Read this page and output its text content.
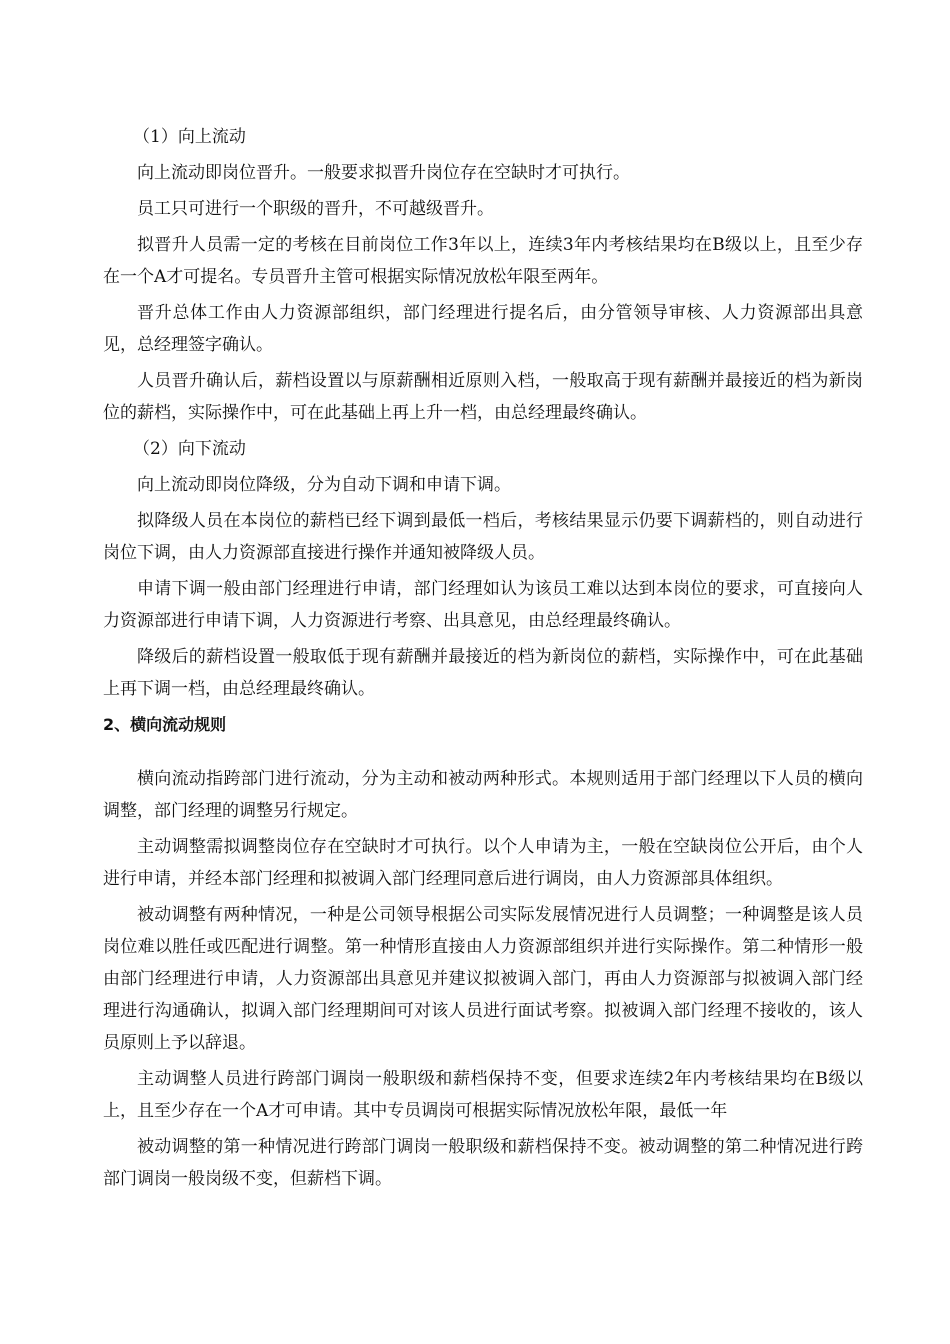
（1）向上流动

向上流动即岗位晋升。一般要求拟晋升岗位存在空缺时才可执行。

员工只可进行一个职级的晋升，不可越级晋升。

拟晋升人员需一定的考核在目前岗位工作3年以上，连续3年内考核结果均在B级以上，且至少存在一个A才可提名。专员晋升主管可根据实际情况放松年限至两年。

晋升总体工作由人力资源部组织，部门经理进行提名后，由分管领导审核、人力资源部出具意见，总经理签字确认。

人员晋升确认后，薪档设置以与原薪酬相近原则入档，一般取高于现有薪酬并最接近的档为新岗位的薪档，实际操作中，可在此基础上再上升一档，由总经理最终确认。

（2）向下流动

向上流动即岗位降级，分为自动下调和申请下调。

拟降级人员在本岗位的薪档已经下调到最低一档后，考核结果显示仍要下调薪档的，则自动进行岗位下调，由人力资源部直接进行操作并通知被降级人员。

申请下调一般由部门经理进行申请，部门经理如认为该员工难以达到本岗位的要求，可直接向人力资源部进行申请下调，人力资源进行考察、出具意见，由总经理最终确认。

降级后的薪档设置一般取低于现有薪酬并最接近的档为新岗位的薪档，实际操作中，可在此基础上再下调一档，由总经理最终确认。

2、横向流动规则

横向流动指跨部门进行流动，分为主动和被动两种形式。本规则适用于部门经理以下人员的横向调整，部门经理的调整另行规定。

主动调整需拟调整岗位存在空缺时才可执行。以个人申请为主，一般在空缺岗位公开后，由个人进行申请，并经本部门经理和拟被调入部门经理同意后进行调岗，由人力资源部具体组织。

被动调整有两种情况，一种是公司领导根据公司实际发展情况进行人员调整；一种调整是该人员岗位难以胜任或匹配进行调整。第一种情形直接由人力资源部组织并进行实际操作。第二种情形一般由部门经理进行申请，人力资源部出具意见并建议拟被调入部门，再由人力资源部与拟被调入部门经理进行沟通确认，拟调入部门经理期间可对该人员进行面试考察。拟被调入部门经理不接收的，该人员原则上予以辞退。

主动调整人员进行跨部门调岗一般职级和薪档保持不变，但要求连续2年内考核结果均在B级以上，且至少存在一个A才可申请。其中专员调岗可根据实际情况放松年限，最低一年

被动调整的第一种情况进行跨部门调岗一般职级和薪档保持不变。被动调整的第二种情况进行跨部门调岗一般岗级不变，但薪档下调。
